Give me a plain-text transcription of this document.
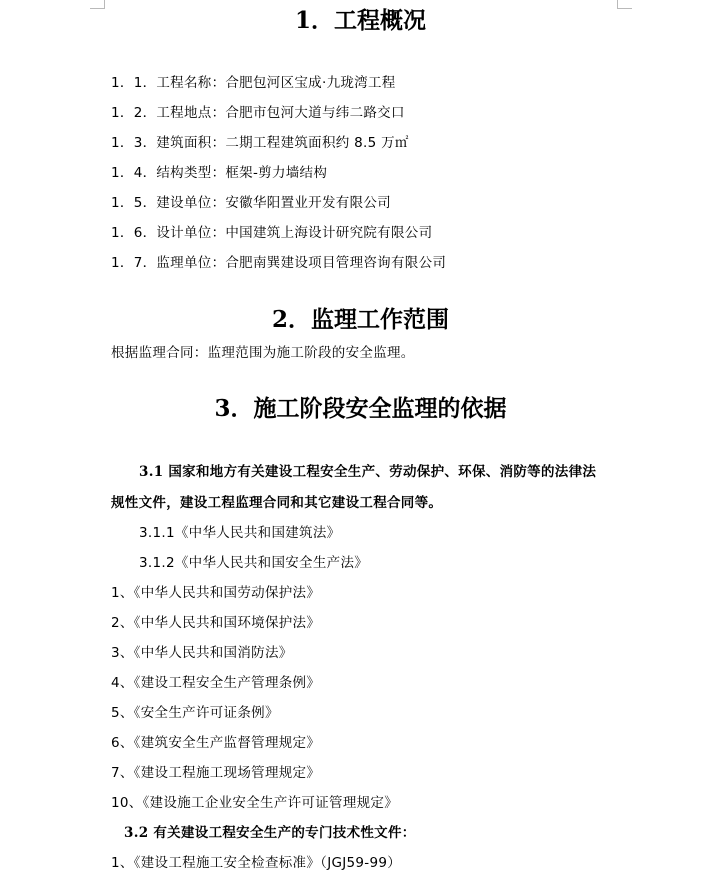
1．工程概况
1．1．工程名称：合肥包河区宝成·九珑湾工程
1．2．工程地点：合肥市包河大道与纬二路交口
1．3．建筑面积：二期工程建筑面积约 8.5 万㎡
1．4．结构类型：框架-剪力墙结构
1．5．建设单位：安徽华阳置业开发有限公司
1．6．设计单位：中国建筑上海设计研究院有限公司
1．7．监理单位：合肥南巽建设项目管理咨询有限公司
2．监理工作范围
根据监理合同：监理范围为施工阶段的安全监理。
3．施工阶段安全监理的依据
3.1 国家和地方有关建设工程安全生产、劳动保护、环保、消防等的法律法
规性文件，建设工程监理合同和其它建设工程合同等。
3.1.1《中华人民共和国建筑法》
3.1.2《中华人民共和国安全生产法》
1、《中华人民共和国劳动保护法》
2、《中华人民共和国环境保护法》
3、《中华人民共和国消防法》
4、《建设工程安全生产管理条例》
5、《安全生产许可证条例》
6、《建筑安全生产监督管理规定》
7、《建设工程施工现场管理规定》
10、《建设施工企业安全生产许可证管理规定》
3.2 有关建设工程安全生产的专门技术性文件：
1、《建设工程施工安全检查标准》（JGJ59-99）
